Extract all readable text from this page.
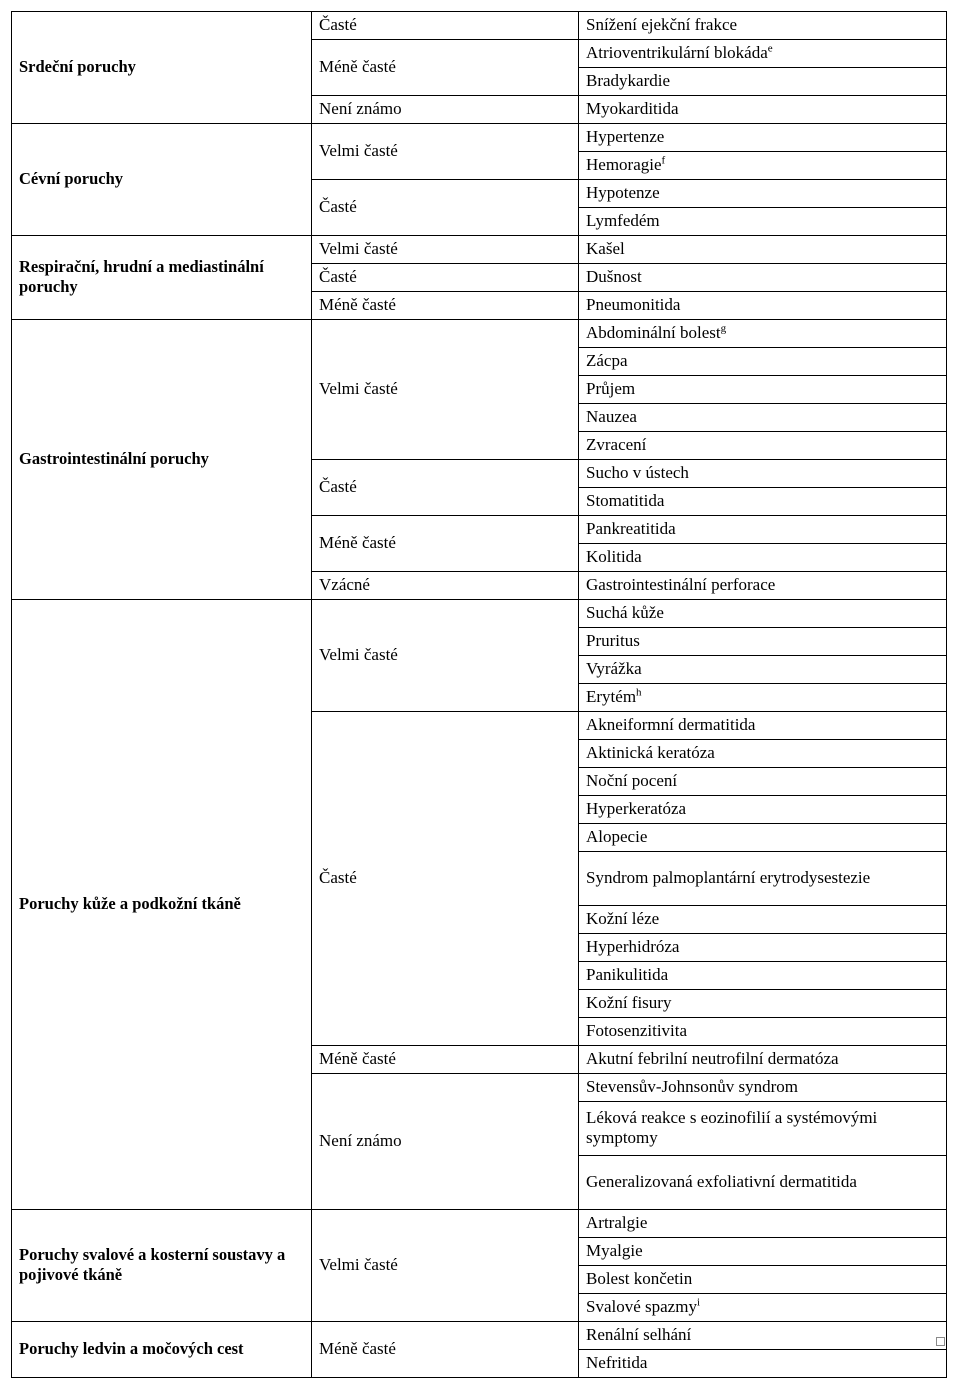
Srdeční poruchy	Časté	Snížení ejekční frakce
	Méně časté	Atrioventrikulární blokáda$^e$
		Bradykardie
	Není známo	Myokarditida
Cévní poruchy	Velmi časté	Hypertenze
		Hemoragie$^f$
	Časté	Hypotenze
		Lymfedém
Respirační, hrudní a mediastinální poruchy	Velmi časté	Kašel
	Časté	Dušnost
	Méně časté	Pneumonitida
Gastrointestinální poruchy	Velmi časté	Abdominální bolest$^g$
		Zácpa
		Průjem
		Nauzea
		Zvracení
	Časté	Sucho v ústech
		Stomatitida
	Méně časté	Pankreatitida
		Kolitida
	Vzácné	Gastrointestinální perforace
Poruchy kůže a podkožní tkáně	Velmi časté	Suchá kůže
		Pruritus
		Vyrážka
		Erytém$^h$
	Časté	Akneiformní dermatitida
		Aktinická keratóza
		Noční pocení
		Hyperkeratóza
		Alopecie
		Syndrom palmoplantární erytrodysestezie
		Kožní léze
		Hyperhidróza
		Panikulitida
		Kožní fisury
		Fotosenzitivita
	Méně časté	Akutní febrilní neutrofilní dermatóza
	Není známo	Stevensův-Johnsonův syndrom
		Léková reakce s eozinofilií a systémovými symptomy
		Generalizovaná exfoliativní dermatitida
Poruchy svalové a kosterní soustavy a pojivové tkáně	Velmi časté	Artralgie
		Myalgie
		Bolest končetin
		Svalové spazmy$^i$
Poruchy ledvin a močových cest	Méně časté	Renální selhání
		Nefritida
